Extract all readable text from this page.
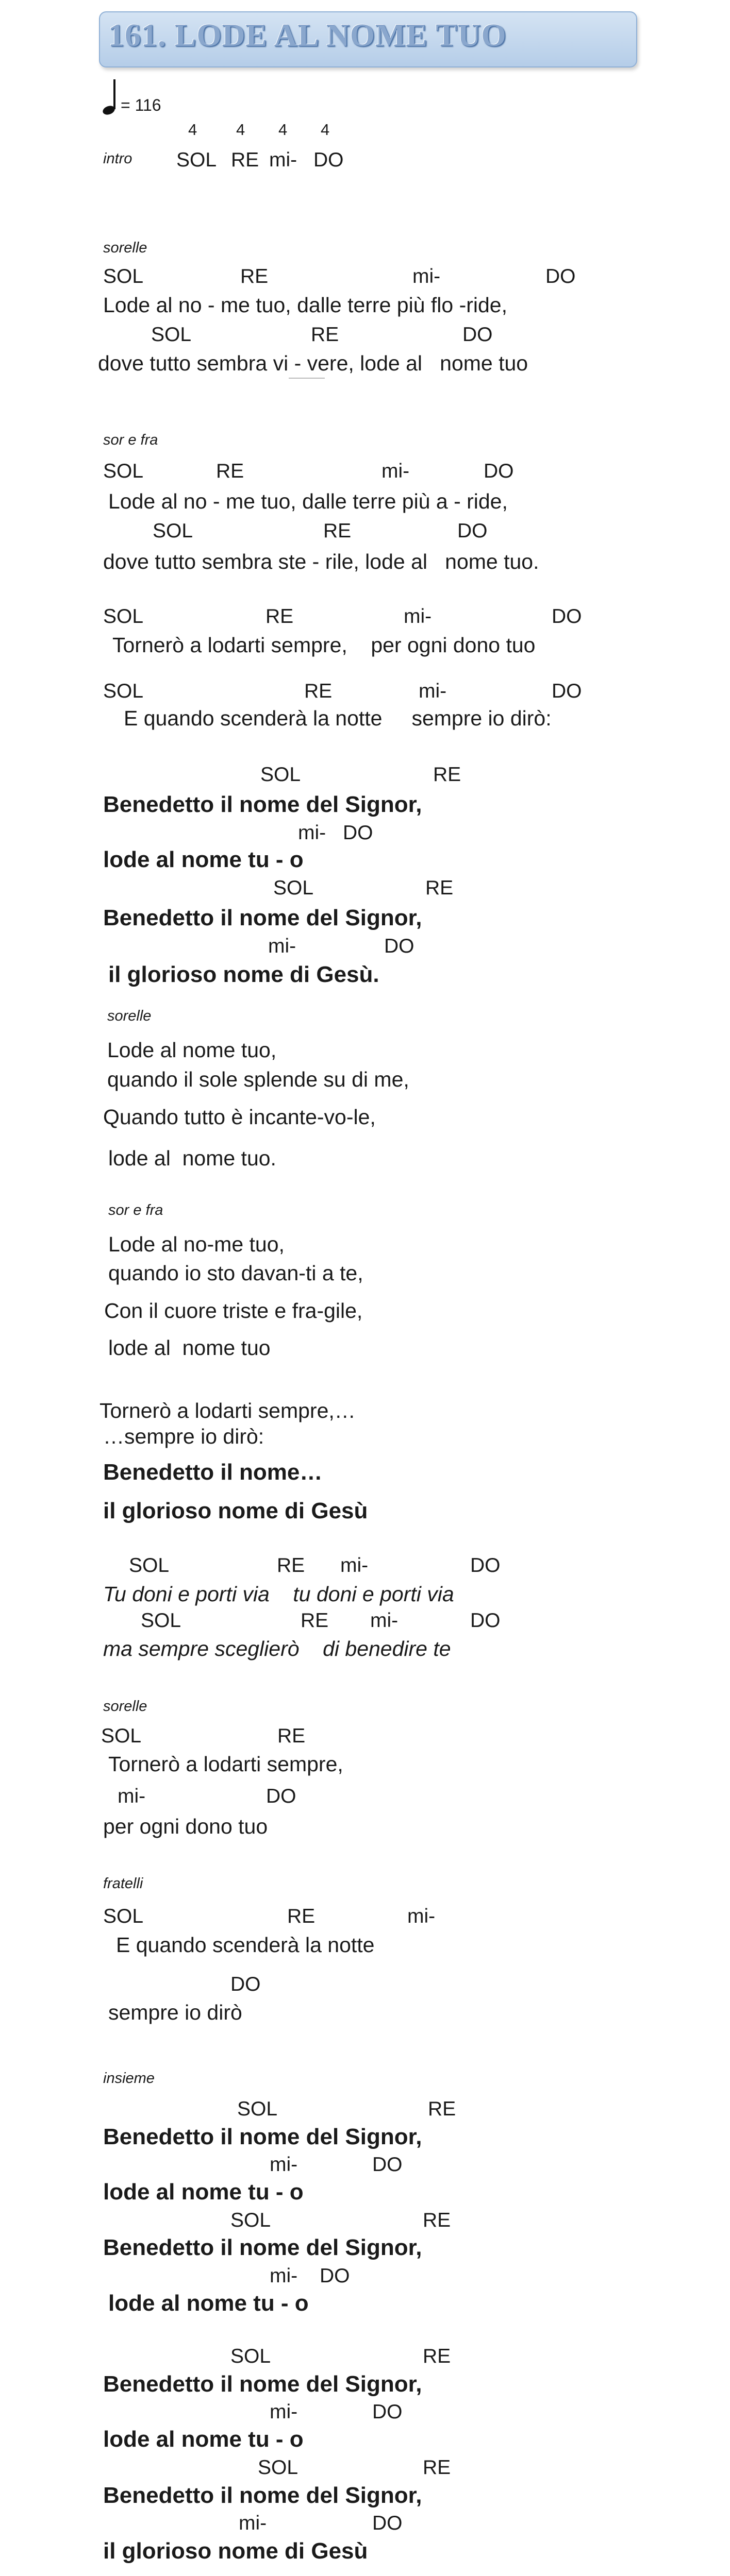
161. LODE AL NOME TUO
= 116
4 4 4 4
intro SOL RE mi- DO
sorelle
SOL	RE	mi-	DO
Lode al no - me tuo, dalle terre più flo -ride,
SOL	RE	DO
dove tutto sembra vi - vere, lode al   nome tuo
sor e fra
SOL	RE	mi-	DO
Lode al no - me tuo, dalle terre più a - ride,
SOL	RE	DO
dove tutto sembra ste - rile, lode al   nome tuo.
SOL	RE	mi-	DO
Tornerò a lodarti sempre,    per ogni dono tuo
SOL	RE	mi-	DO
E quando scenderà la notte     sempre io dirò:
SOL	RE
Benedetto il nome del Signor,
mi- DO
lode al nome tu - o
SOL	RE
Benedetto il nome del Signor,
mi-	DO
il glorioso nome di Gesù.
sorelle
Lode al nome tuo,
quando il sole splende su di me,
Quando tutto è incante-vo-le,
lode al  nome tuo.
sor e fra
Lode al no-me tuo,
quando io sto davan-ti a te,
Con il cuore triste e fra-gile,
lode al  nome tuo
Tornerò a lodarti sempre,…
…sempre io dirò:
Benedetto il nome…
il glorioso nome di Gesù
SOL	RE mi-	DO
Tu doni e porti via    tu doni e porti via
SOL	RE mi-	DO
ma sempre sceglierò    di benedire te
sorelle
SOL	RE
Tornerò a lodarti sempre,
mi-	DO
per ogni dono tuo
fratelli
SOL	RE	mi-
E quando scenderà la notte
DO
sempre io dirò
insieme
SOL	RE
Benedetto il nome del Signor,
mi-	DO
lode al nome tu - o
SOL	RE
Benedetto il nome del Signor,
mi- DO
lode al nome tu - o
SOL	RE
Benedetto il nome del Signor,
mi-	DO
lode al nome tu - o
SOL	RE
Benedetto il nome del Signor,
mi-	DO
il glorioso nome di Gesù
